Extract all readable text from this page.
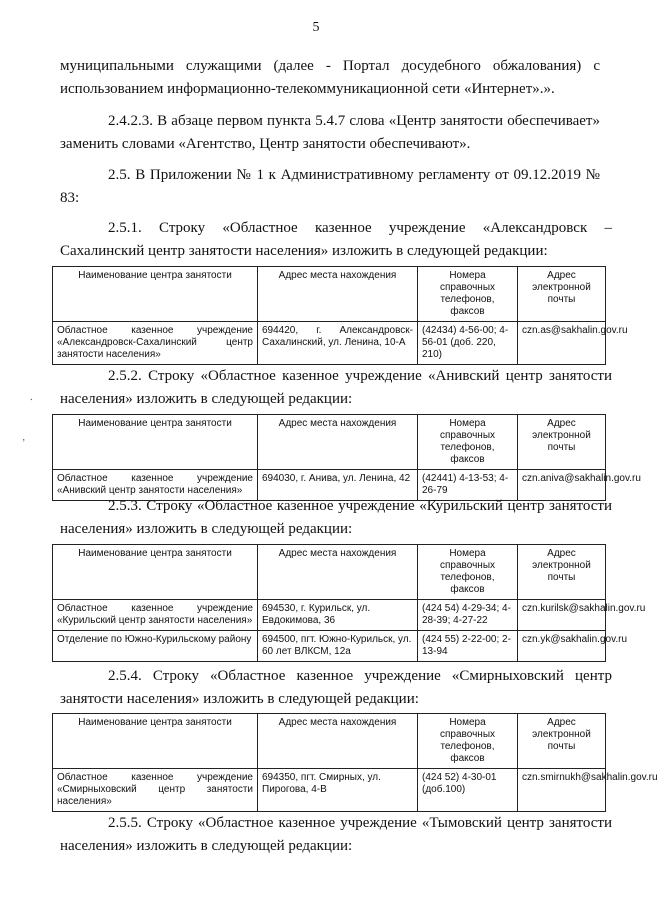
5
муниципальными служащими (далее - Портал досудебного обжалования) с
использованием информационно-телекоммуникационной сети «Интернет».».
2.4.2.3. В абзаце первом пункта 5.4.7 слова «Центр занятости обеспечивает»
заменить словами «Агентство, Центр занятости обеспечивают».
2.5. В Приложении № 1 к Административному регламенту от 09.12.2019 №
83:
2.5.1. Строку «Областное казенное учреждение «Александровск –
Сахалинский центр занятости населения» изложить в следующей редакции:
Наименование центра занятости	Адрес места нахождения	Номера справочных телефонов, факсов	Адрес электронной почты
Областное казенное учреждение «Александровск-Сахалинский центр занятости населения»	694420, г. Александровск-Сахалинский, ул. Ленина, 10-А	(42434) 4-56-00; 4-56-01 (доб. 220, 210)	czn.as@sakhalin.gov.ru
2.5.2. Строку «Областное казенное учреждение «Анивский центр занятости
населения» изложить в следующей редакции:
Наименование центра занятости	Адрес места нахождения	Номера справочных телефонов, факсов	Адрес электронной почты
Областное казенное учреждение «Анивский центр занятости населения»	694030, г. Анива, ул. Ленина, 42	(42441) 4-13-53; 4-26-79	czn.aniva@sakhalin.gov.ru
2.5.3. Строку «Областное казенное учреждение «Курильский центр занятости
населения» изложить в следующей редакции:
Наименование центра занятости	Адрес места нахождения	Номера справочных телефонов, факсов	Адрес электронной почты
Областное казенное учреждение «Курильский центр занятости населения»	694530, г. Курильск, ул. Евдокимова, 36	(424 54) 4-29-34; 4-28-39; 4-27-22	czn.kurilsk@sakhalin.gov.ru
Отделение по Южно-Курильскому району	694500, пгт. Южно-Курильск, ул. 60 лет ВЛКСМ, 12а	(424 55) 2-22-00; 2-13-94	czn.yk@sakhalin.gov.ru
2.5.4. Строку «Областное казенное учреждение «Смирныховский центр
занятости населения» изложить в следующей редакции:
Наименование центра занятости	Адрес места нахождения	Номера справочных телефонов, факсов	Адрес электронной почты
Областное казенное учреждение «Смирныховский центр занятости населения»	694350, пгт. Смирных, ул. Пирогова, 4-В	(424 52) 4-30-01 (доб.100)	czn.smirnukh@sakhalin.gov.ru
2.5.5. Строку «Областное казенное учреждение «Тымовский центр занятости
населения» изложить в следующей редакции:
⸱
‚
